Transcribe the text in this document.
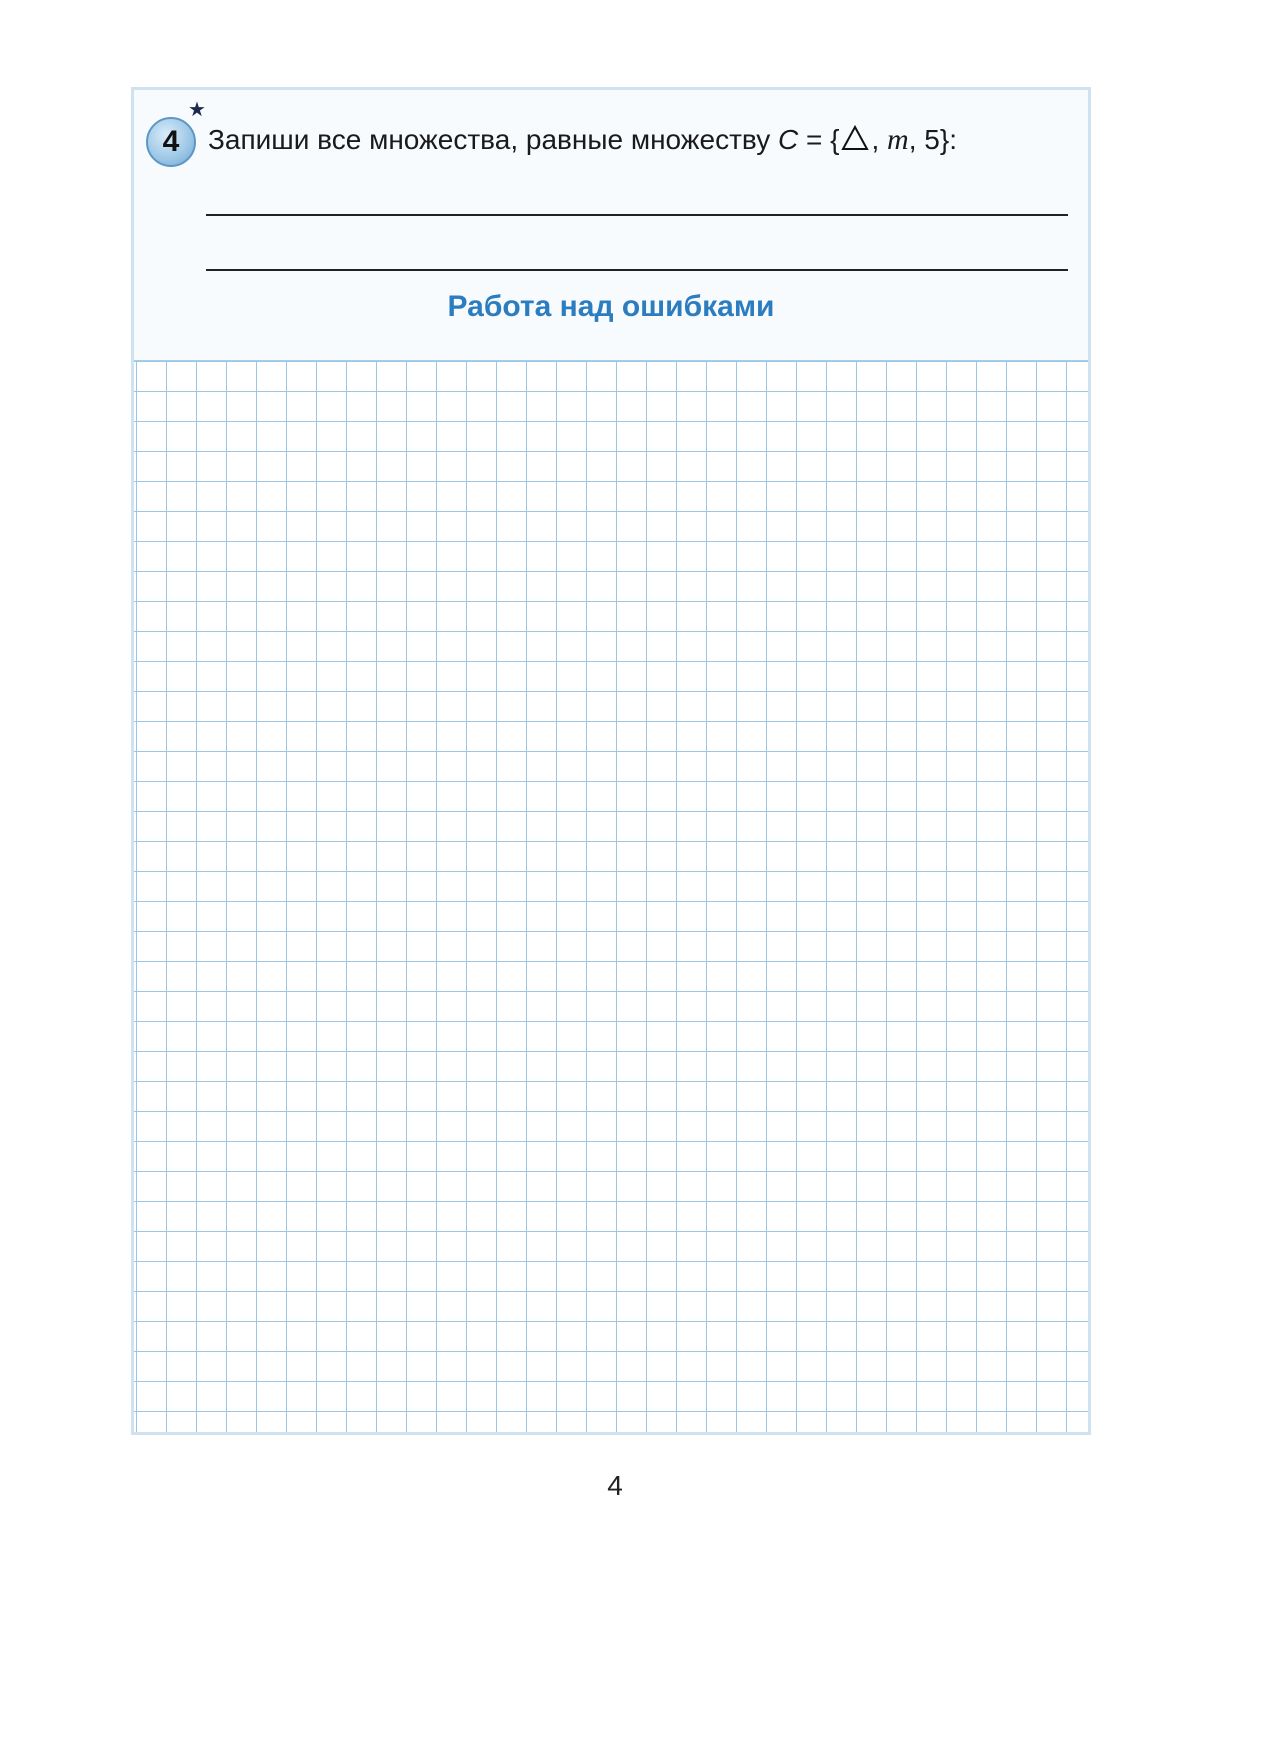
4
★
Запиши все множества, равные множеству C = { , m, 5}:
Работа над ошибками
4
